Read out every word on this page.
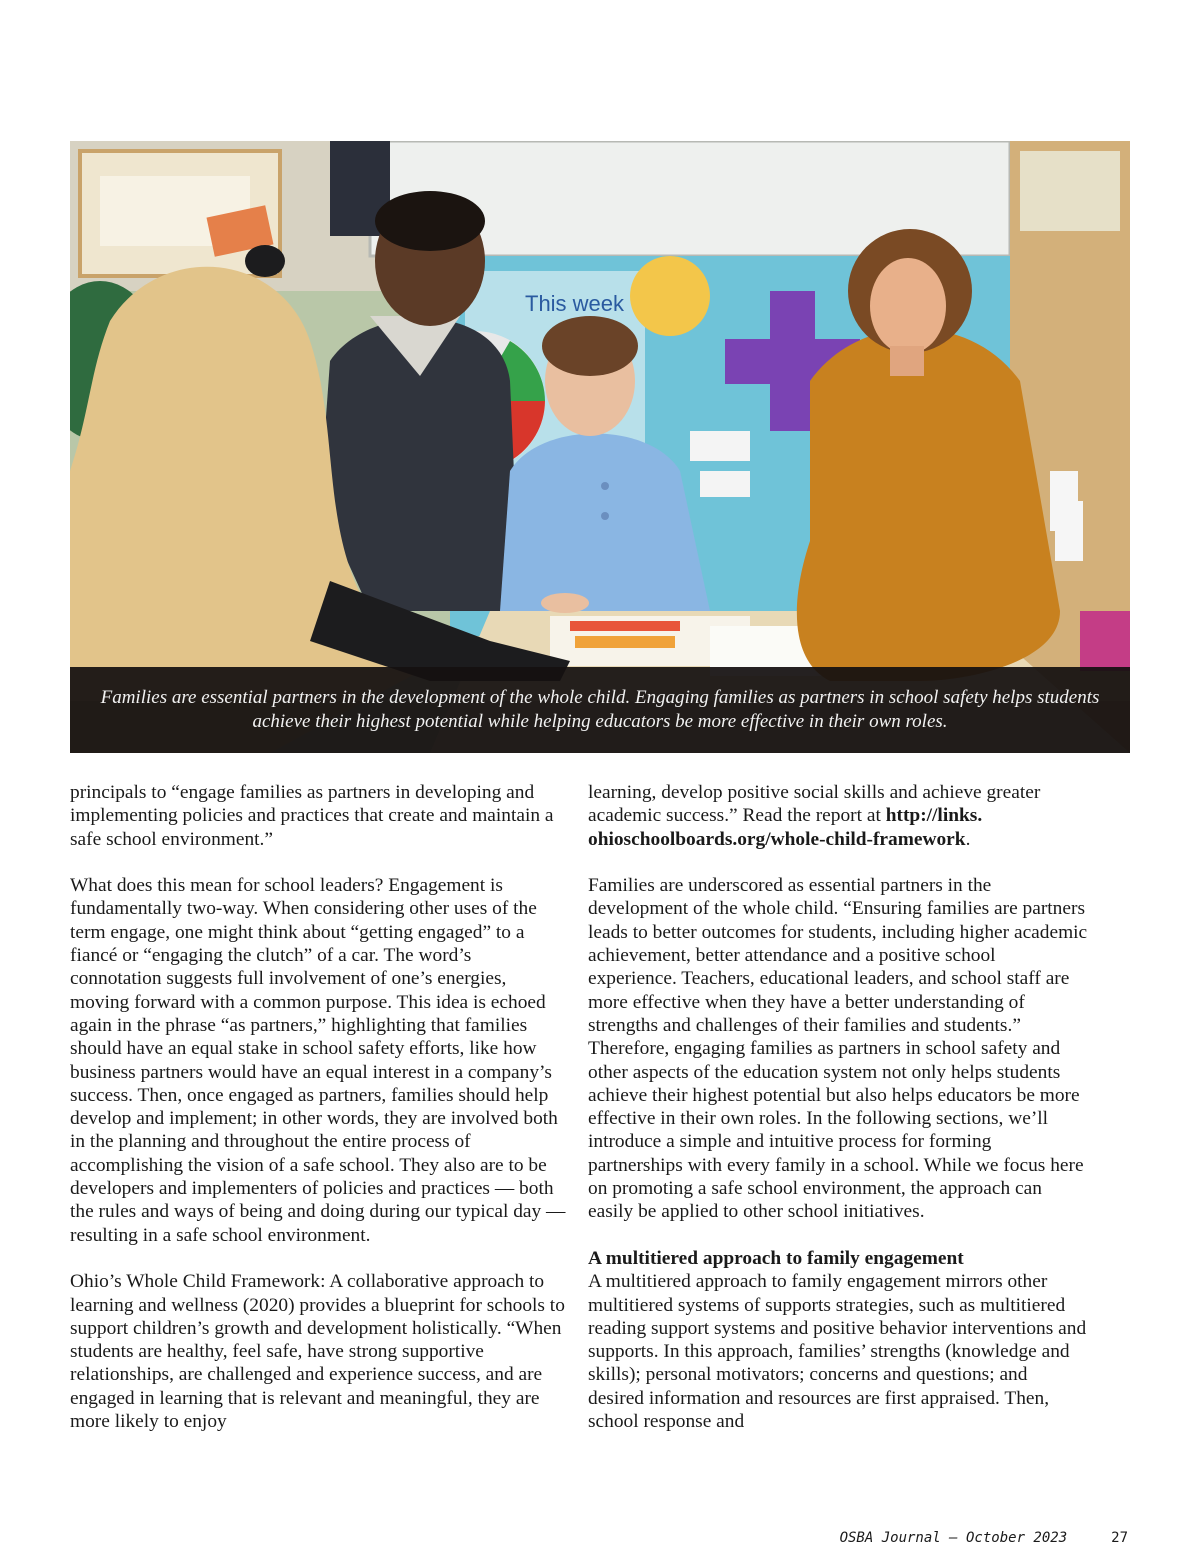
This week
Families are essential partners in the development of the whole child. Engaging families as partners in school safety helps students achieve their highest potential while helping educators be more effective in their own roles.

principals to “engage families as partners in developing and implementing policies and practices that create and maintain a safe school environment.”

What does this mean for school leaders? Engagement is fundamentally two-way. When considering other uses of the term engage, one might think about “getting engaged” to a fiancé or “engaging the clutch” of a car. The word’s connotation suggests full involvement of one’s energies, moving forward with a common purpose. This idea is echoed again in the phrase “as partners,” highlighting that families should have an equal stake in school safety efforts, like how business partners would have an equal interest in a company’s success. Then, once engaged as partners, families should help develop and implement; in other words, they are involved both in the planning and throughout the entire process of accomplishing the vision of a safe school. They also are to be developers and implementers of policies and practices — both the rules and ways of being and doing during our typical day — resulting in a safe school environment.

Ohio’s Whole Child Framework: A collaborative approach to learning and wellness (2020) provides a blueprint for schools to support children’s growth and development holistically. “When students are healthy, feel safe, have strong supportive relationships, are challenged and experience success, and are engaged in learning that is relevant and meaningful, they are more likely to enjoy

learning, develop positive social skills and achieve greater academic success.” Read the report at http://links. ohioschoolboards.org/whole-child-framework.

Families are underscored as essential partners in the development of the whole child. “Ensuring families are partners leads to better outcomes for students, including higher academic achievement, better attendance and a positive school experience. Teachers, educational leaders, and school staff are more effective when they have a better understanding of strengths and challenges of their families and students.” Therefore, engaging families as partners in school safety and other aspects of the education system not only helps students achieve their highest potential but also helps educators be more effective in their own roles. In the following sections, we’ll introduce a simple and intuitive process for forming partnerships with every family in a school. While we focus here on promoting a safe school environment, the approach can easily be applied to other school initiatives.

A multitiered approach to family engagement

A multitiered approach to family engagement mirrors other multitiered systems of supports strategies, such as multitiered reading support systems and positive behavior interventions and supports. In this approach, families’ strengths (knowledge and skills); personal motivators; concerns and questions; and desired information and resources are first appraised. Then, school response and

OSBA Journal — October 2023	27
